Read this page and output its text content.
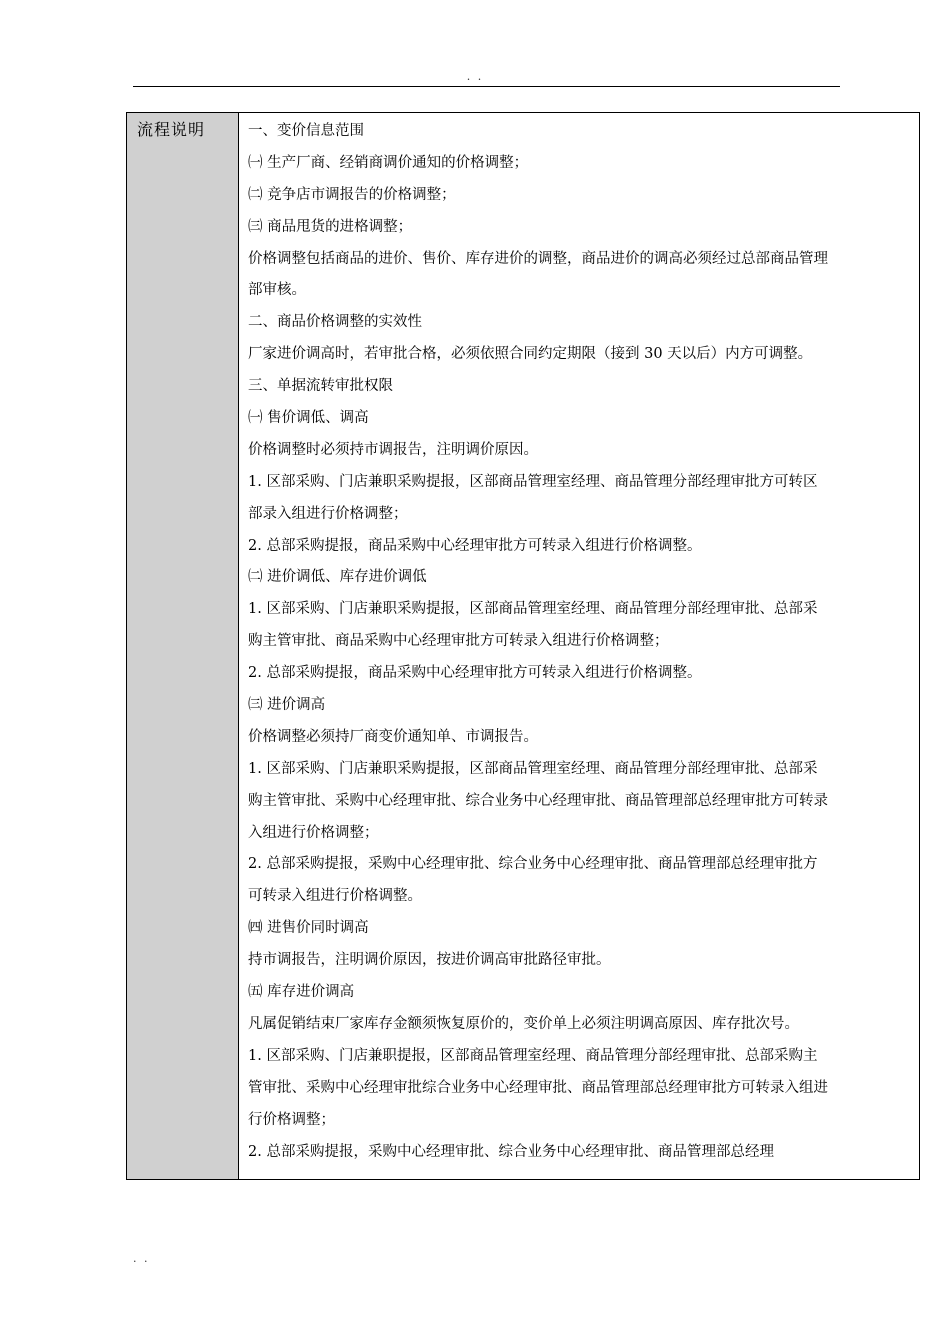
. .
流程说明	一、变价信息范围
㈠ 生产厂商、经销商调价通知的价格调整；
㈡ 竞争店市调报告的价格调整；
㈢ 商品甩货的进格调整；
价格调整包括商品的进价、售价、库存进价的调整，商品进价的调高必须经过总部商品管理
部审核。
二、商品价格调整的实效性
厂家进价调高时，若审批合格，必须依照合同约定期限（接到 30 天以后）内方可调整。
三、单据流转审批权限
㈠ 售价调低、调高
价格调整时必须持市调报告，注明调价原因。
1. 区部采购、门店兼职采购提报，区部商品管理室经理、商品管理分部经理审批方可转区
部录入组进行价格调整；
2. 总部采购提报，商品采购中心经理审批方可转录入组进行价格调整。
㈡ 进价调低、库存进价调低
1. 区部采购、门店兼职采购提报，区部商品管理室经理、商品管理分部经理审批、总部采
购主管审批、商品采购中心经理审批方可转录入组进行价格调整；
2. 总部采购提报，商品采购中心经理审批方可转录入组进行价格调整。
㈢ 进价调高
价格调整必须持厂商变价通知单、市调报告。
1. 区部采购、门店兼职采购提报，区部商品管理室经理、商品管理分部经理审批、总部采
购主管审批、采购中心经理审批、综合业务中心经理审批、商品管理部总经理审批方可转录
入组进行价格调整；
2. 总部采购提报，采购中心经理审批、综合业务中心经理审批、商品管理部总经理审批方
可转录入组进行价格调整。
㈣ 进售价同时调高
持市调报告，注明调价原因，按进价调高审批路径审批。
㈤ 库存进价调高
凡属促销结束厂家库存金额须恢复原价的，变价单上必须注明调高原因、库存批次号。
1. 区部采购、门店兼职提报，区部商品管理室经理、商品管理分部经理审批、总部采购主
管审批、采购中心经理审批综合业务中心经理审批、商品管理部总经理审批方可转录入组进
行价格调整；
2. 总部采购提报，采购中心经理审批、综合业务中心经理审批、商品管理部总经理
. .
